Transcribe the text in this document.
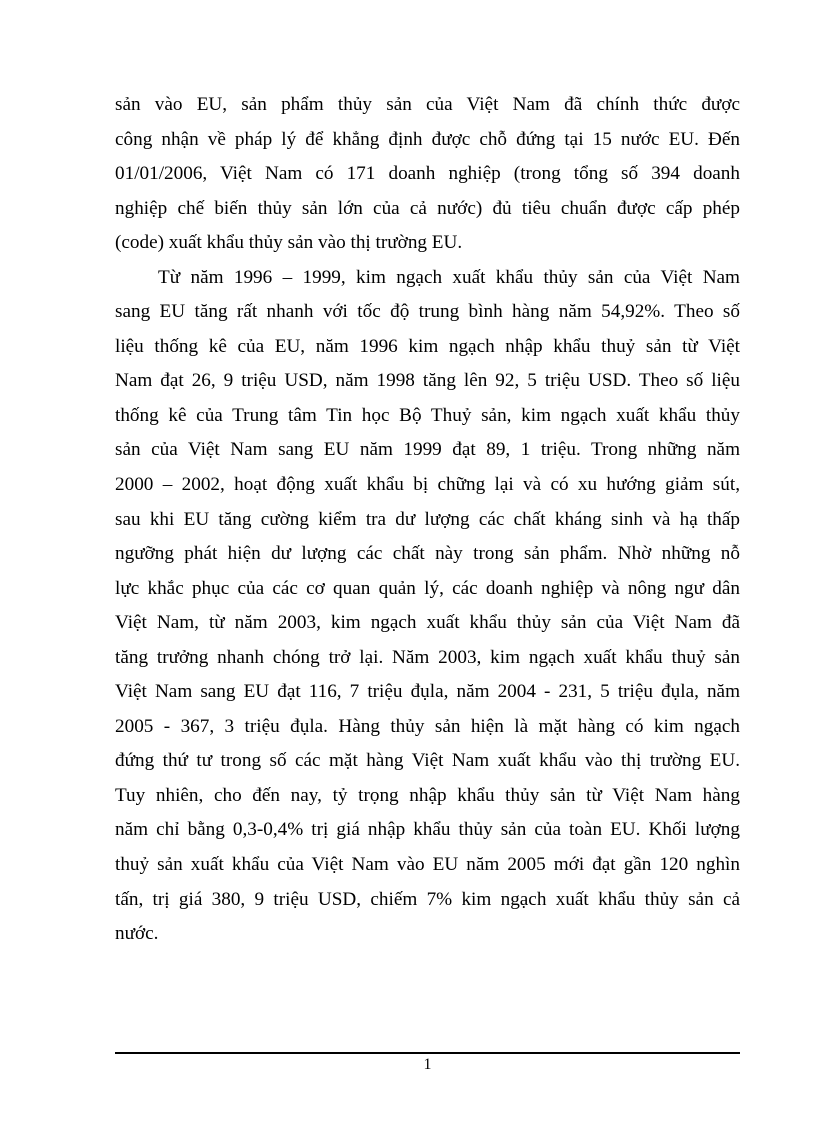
sản vào EU, sản phẩm thủy sản của Việt Nam đã chính thức được
công nhận về pháp lý để khẳng định được chỗ đứng tại 15 nước EU. Đến
01/01/2006, Việt Nam có 171 doanh nghiệp (trong tổng số 394 doanh
nghiệp chế biến thủy sản lớn của cả nước) đủ tiêu chuẩn được cấp phép
(code) xuất khẩu thủy sản vào thị trường EU.
Từ năm 1996 – 1999, kim ngạch xuất khẩu thủy sản của Việt Nam
sang EU tăng rất nhanh với tốc độ trung bình hàng năm 54,92%. Theo số
liệu thống kê của EU, năm 1996 kim ngạch nhập khẩu thuỷ sản từ Việt
Nam đạt 26, 9 triệu USD, năm 1998 tăng lên 92, 5 triệu USD. Theo số liệu
thống kê của Trung tâm Tin học Bộ Thuỷ sản, kim ngạch xuất khẩu thủy
sản của Việt Nam sang EU năm 1999 đạt 89, 1 triệu. Trong những năm
2000 – 2002, hoạt động xuất khẩu bị chững lại và có xu hướng giảm sút,
sau khi EU tăng cường kiểm tra dư lượng các chất kháng sinh và hạ thấp
ngưỡng phát hiện dư lượng các chất này trong sản phẩm. Nhờ những nỗ
lực khắc phục của các cơ quan quản lý, các doanh nghiệp và nông ngư dân
Việt Nam, từ năm 2003, kim ngạch xuất khẩu thủy sản của Việt Nam đã
tăng trưởng nhanh chóng trở lại. Năm 2003, kim ngạch xuất khẩu thuỷ sản
Việt Nam sang EU đạt 116, 7 triệu đụla, năm 2004 - 231, 5 triệu đụla, năm
2005 - 367, 3 triệu đụla. Hàng thủy sản hiện là mặt hàng có kim ngạch
đứng thứ tư trong số các mặt hàng Việt Nam xuất khẩu vào thị trường EU.
Tuy nhiên, cho đến nay, tỷ trọng nhập khẩu thủy sản từ Việt Nam hàng
năm chỉ bằng 0,3-0,4% trị giá nhập khẩu thủy sản của toàn EU. Khối lượng
thuỷ sản xuất khẩu của Việt Nam vào EU năm 2005 mới đạt gần 120 nghìn
tấn, trị giá 380, 9 triệu USD, chiếm 7% kim ngạch xuất khẩu thủy sản cả
nước.
1
